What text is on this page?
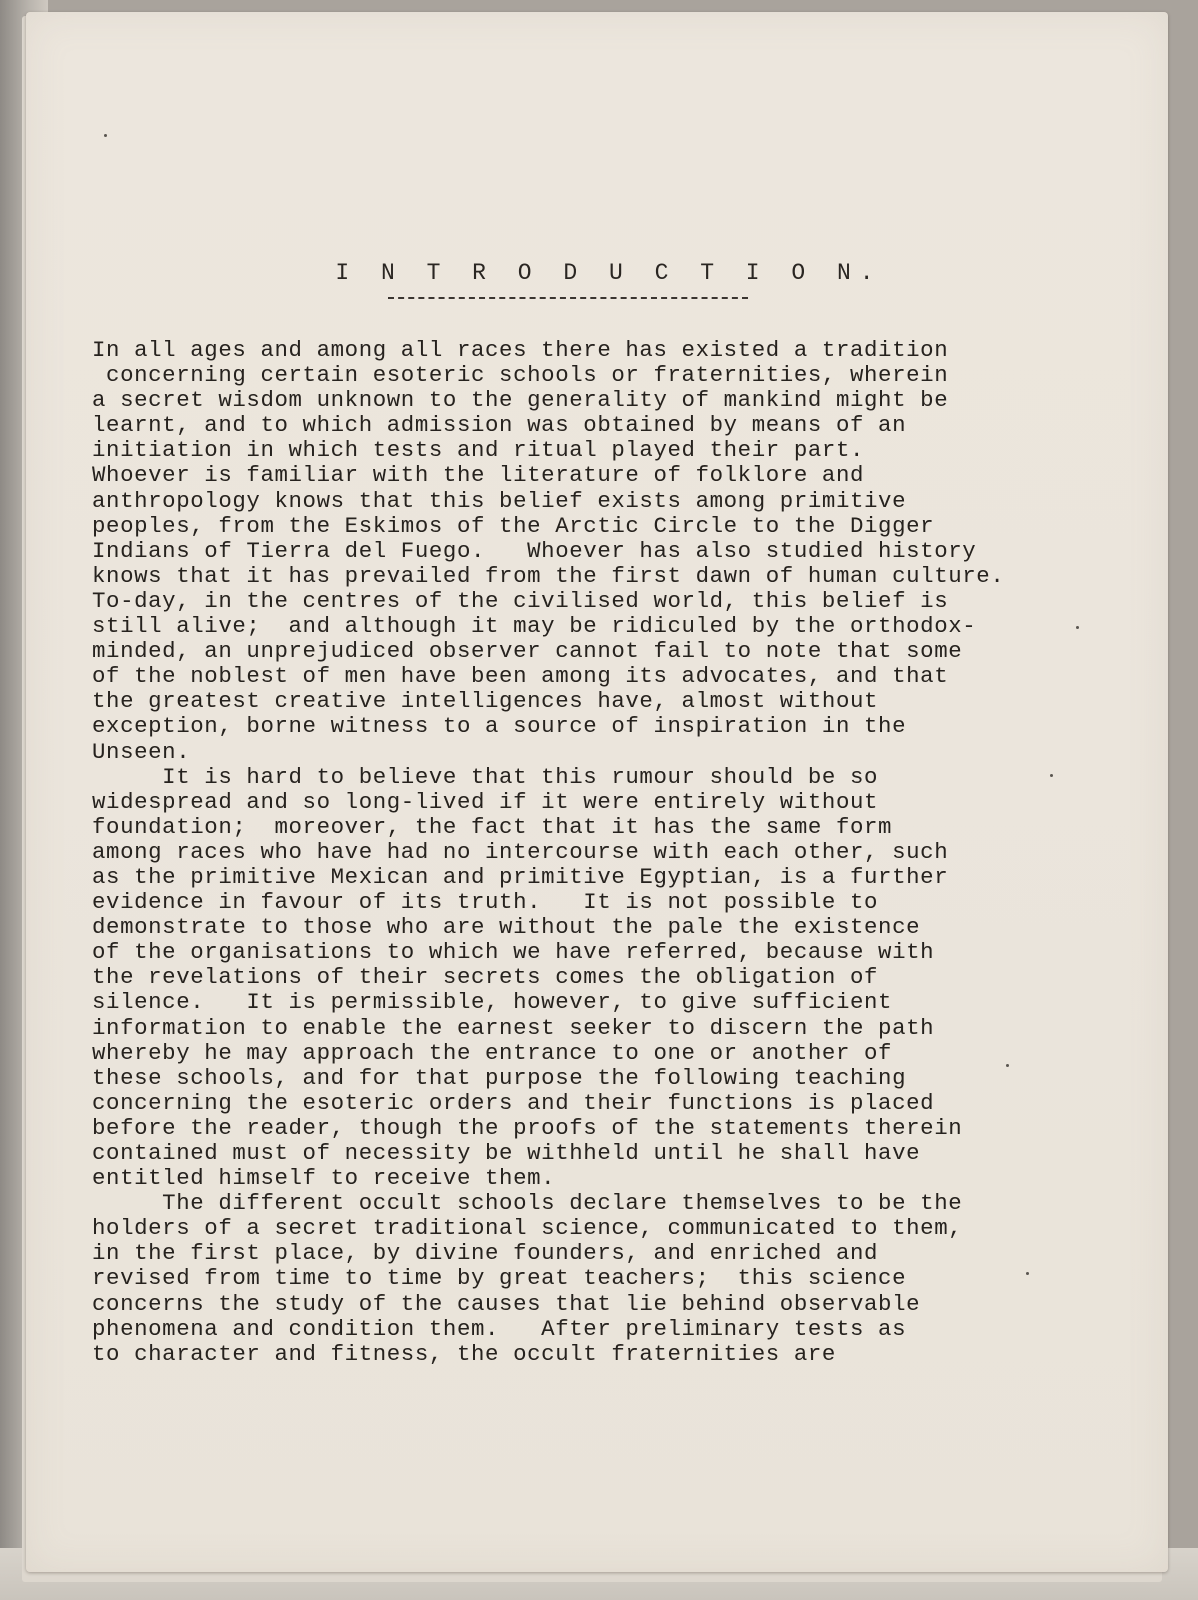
I N T R O D U C T I O N.
In all ages and among all races there has existed a tradition
concerning certain esoteric schools or fraternities, wherein
a secret wisdom unknown to the generality of mankind might be
learnt, and to which admission was obtained by means of an
initiation in which tests and ritual played their part.
Whoever is familiar with the literature of folklore and
anthropology knows that this belief exists among primitive
peoples, from the Eskimos of the Arctic Circle to the Digger
Indians of Tierra del Fuego.   Whoever has also studied history
knows that it has prevailed from the first dawn of human culture.
To-day, in the centres of the civilised world, this belief is
still alive;  and although it may be ridiculed by the orthodox-
minded, an unprejudiced observer cannot fail to note that some
of the noblest of men have been among its advocates, and that
the greatest creative intelligences have, almost without
exception, borne witness to a source of inspiration in the
Unseen.
It is hard to believe that this rumour should be so
widespread and so long-lived if it were entirely without
foundation;  moreover, the fact that it has the same form
among races who have had no intercourse with each other, such
as the primitive Mexican and primitive Egyptian, is a further
evidence in favour of its truth.   It is not possible to
demonstrate to those who are without the pale the existence
of the organisations to which we have referred, because with
the revelations of their secrets comes the obligation of
silence.   It is permissible, however, to give sufficient
information to enable the earnest seeker to discern the path
whereby he may approach the entrance to one or another of
these schools, and for that purpose the following teaching
concerning the esoteric orders and their functions is placed
before the reader, though the proofs of the statements therein
contained must of necessity be withheld until he shall have
entitled himself to receive them.
The different occult schools declare themselves to be the
holders of a secret traditional science, communicated to them,
in the first place, by divine founders, and enriched and
revised from time to time by great teachers;  this science
concerns the study of the causes that lie behind observable
phenomena and condition them.   After preliminary tests as
to character and fitness, the occult fraternities are
